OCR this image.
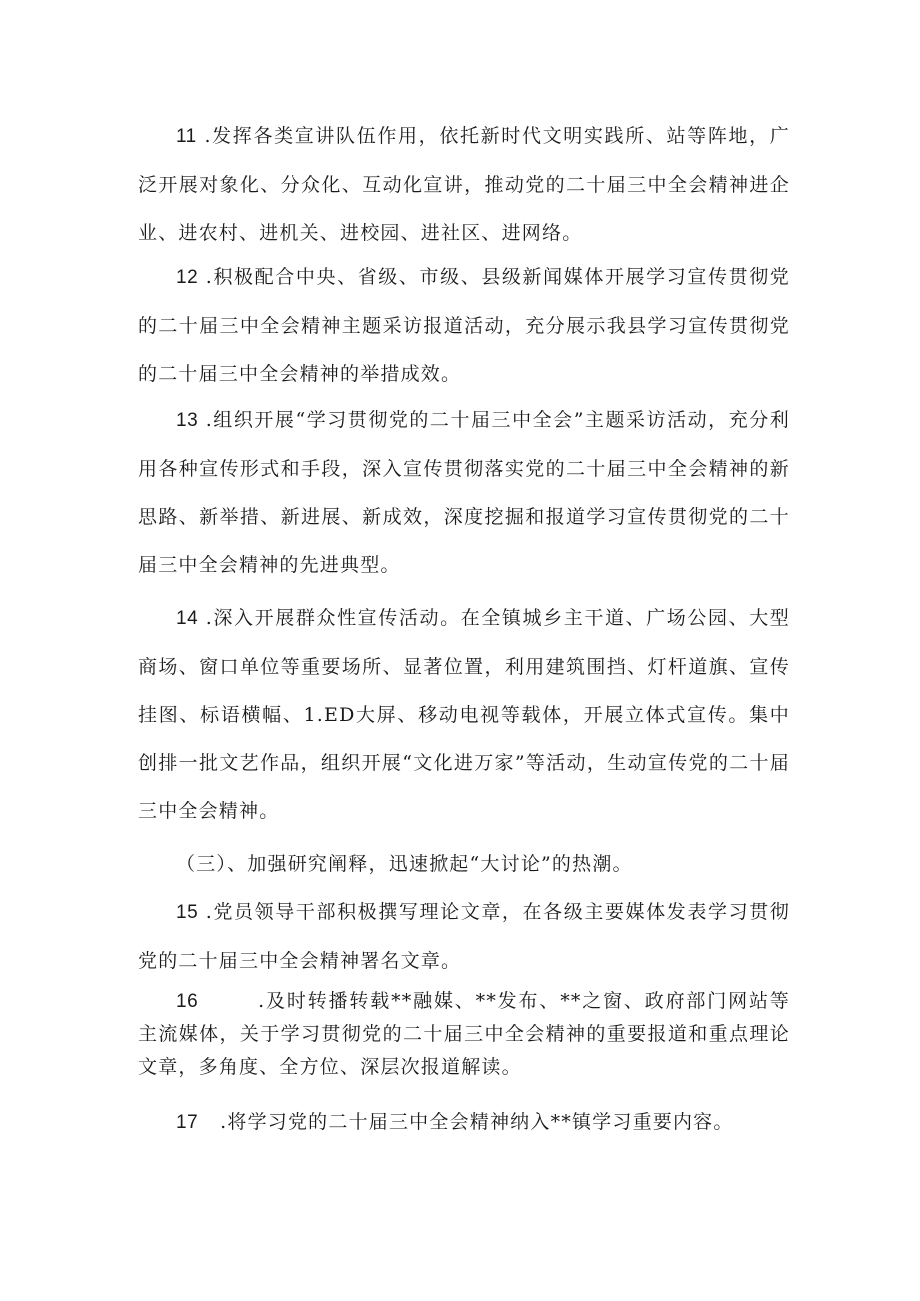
11 .发挥各类宣讲队伍作用，依托新时代文明实践所、站等阵地，广泛开展对象化、分众化、互动化宣讲，推动党的二十届三中全会精神进企业、进农村、进机关、进校园、进社区、进网络。

12 .积极配合中央、省级、市级、县级新闻媒体开展学习宣传贯彻党的二十届三中全会精神主题采访报道活动，充分展示我县学习宣传贯彻党的二十届三中全会精神的举措成效。

13 .组织开展“学习贯彻党的二十届三中全会”主题采访活动，充分利用各种宣传形式和手段，深入宣传贯彻落实党的二十届三中全会精神的新思路、新举措、新进展、新成效，深度挖掘和报道学习宣传贯彻党的二十届三中全会精神的先进典型。

14 .深入开展群众性宣传活动。在全镇城乡主干道、广场公园、大型商场、窗口单位等重要场所、显著位置，利用建筑围挡、灯杆道旗、宣传挂图、标语横幅、1.ED大屏、移动电视等载体，开展立体式宣传。集中创排一批文艺作品，组织开展“文化进万家”等活动，生动宣传党的二十届三中全会精神。

（三）、加强研究阐释，迅速掀起“大讨论”的热潮。

15 .党员领导干部积极撰写理论文章，在各级主要媒体发表学习贯彻党的二十届三中全会精神署名文章。

16	.及时转播转载**融媒、**发布、**之窗、政府部门网站等主流媒体，关于学习贯彻党的二十届三中全会精神的重要报道和重点理论文章，多角度、全方位、深层次报道解读。

17 .将学习党的二十届三中全会精神纳入**镇学习重要内容。
